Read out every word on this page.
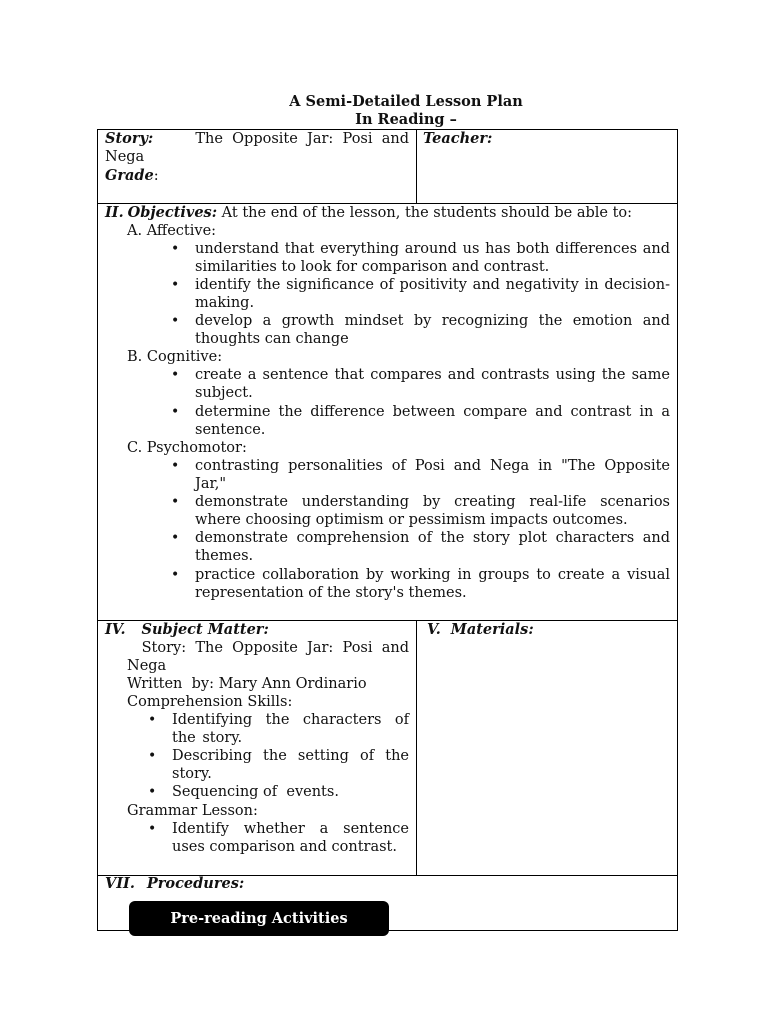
A Semi-Detailed Lesson Plan
In Reading –
Story:	The  Opposite  Jar:  Posi  and
Nega
Grade:
Teacher:
II. Objectives: At the end of the lesson, the students should be able to:
A. Affective:
• understand that everything around us has both differences and similarities to look for comparison and contrast.
• identify the significance of positivity and negativity in decision-making.
• develop a growth mindset by recognizing the emotion and thoughts can change
B. Cognitive:
• create a sentence that compares and contrasts using the same subject.
• determine the difference between compare and contrast in a sentence.
C. Psychomotor:
• contrasting personalities of Posi and Nega in "The Opposite Jar,"
• demonstrate understanding by creating real-life scenarios where choosing optimism or pessimism impacts outcomes.
• demonstrate comprehension of the story plot characters and themes.
• practice collaboration by working in groups to create a visual representation of the story's themes.
IV. Subject Matter:
Story:  The  Opposite  Jar:  Posi  and
Nega
Written  by: Mary Ann Ordinario
Comprehension Skills:
• Identifying the characters of the story.
• Describing the setting of the story.
• Sequencing of  events.
Grammar Lesson:
• Identify whether a sentence uses comparison and contrast.
V. Materials:
VII. Procedures:
Pre-reading Activities
